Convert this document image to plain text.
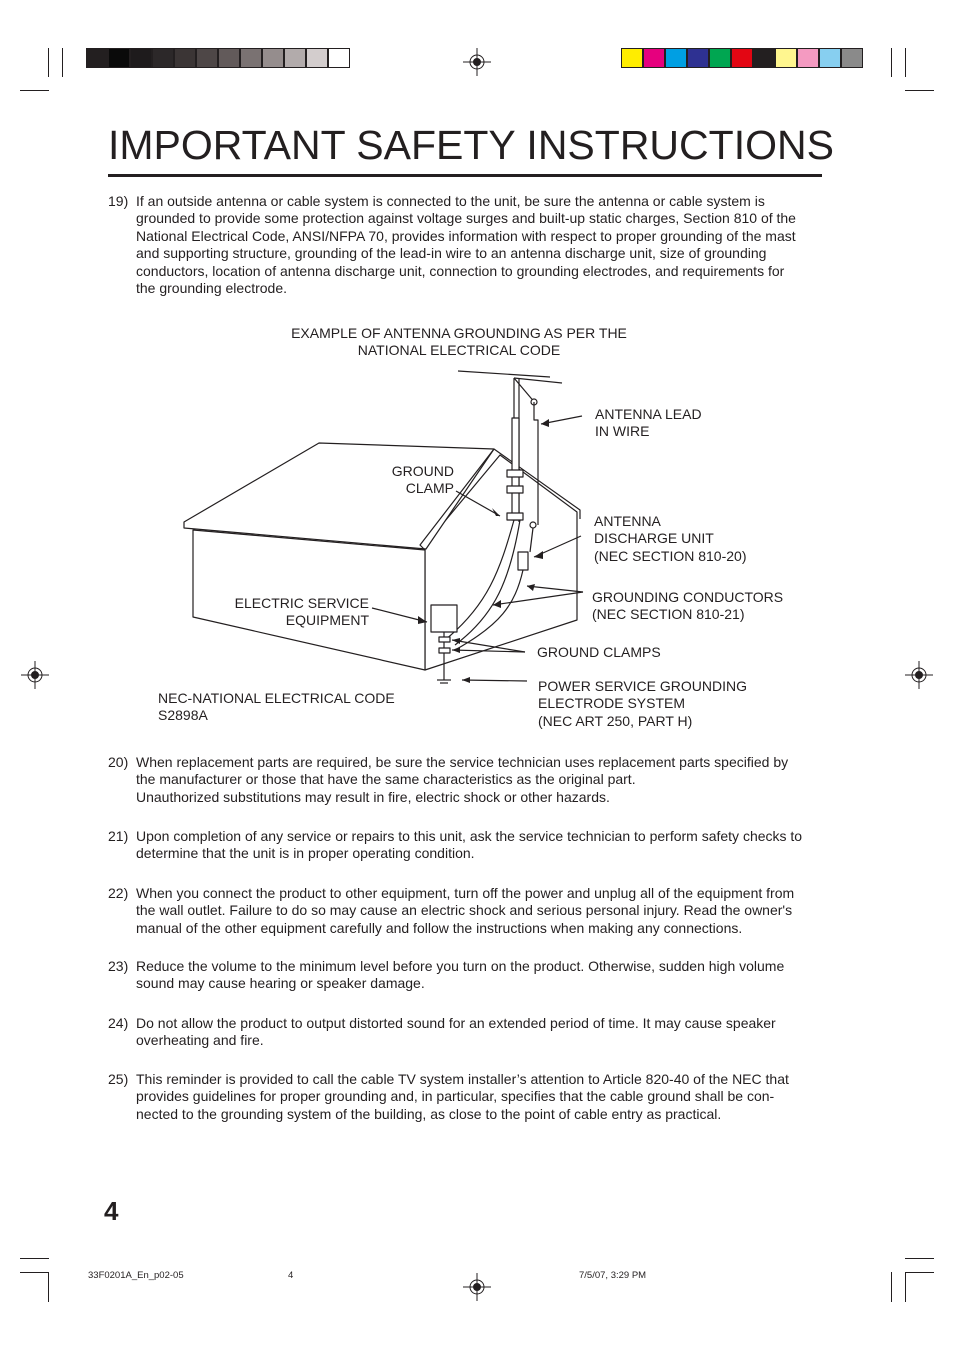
IMPORTANT SAFETY INSTRUCTIONS
19) If an outside antenna or cable system is connected to the unit, be sure the antenna or cable system is
grounded to provide some protection against voltage surges and built-up static charges, Section 810 of the
National Electrical Code, ANSI/NFPA 70, provides information with respect to proper grounding of the mast
and supporting structure, grounding of the lead-in wire to an antenna discharge unit, size of grounding
conductors, location of antenna discharge unit, connection to grounding electrodes, and requirements for
the grounding electrode.
EXAMPLE OF ANTENNA GROUNDING AS PER THE
NATIONAL ELECTRICAL CODE
ANTENNA LEAD
IN WIRE
GROUND
CLAMP
ANTENNA
DISCHARGE UNIT
(NEC SECTION 810-20)
ELECTRIC SERVICE
EQUIPMENT
GROUNDING CONDUCTORS
(NEC SECTION 810-21)
GROUND CLAMPS
NEC-NATIONAL ELECTRICAL CODE
S2898A
POWER SERVICE GROUNDING
ELECTRODE SYSTEM
(NEC ART 250, PART H)
20) When replacement parts are required, be sure the service technician uses replacement parts specified by
the manufacturer or those that have the same characteristics as the original part.
Unauthorized substitutions may result in fire, electric shock or other hazards.
21) Upon completion of any service or repairs to this unit, ask the service technician to perform safety checks to
determine that the unit is in proper operating condition.
22) When you connect the product to other equipment, turn off the power and unplug all of the equipment from
the wall outlet. Failure to do so may cause an electric shock and serious personal injury. Read the owner's
manual of the other equipment carefully and follow the instructions when making any connections.
23) Reduce the volume to the minimum level before you turn on the product. Otherwise, sudden high volume
sound may cause hearing or speaker damage.
24) Do not allow the product to output distorted sound for an extended period of time. It may cause speaker
overheating and fire.
25) This reminder is provided to call the cable TV system installer’s attention to Article 820-40 of the NEC that
provides guidelines for proper grounding and, in particular, specifies that the cable ground shall be con-
nected to the grounding system of the building, as close to the point of cable entry as practical.
4
33F0201A_En_p02-05	4	7/5/07, 3:29 PM
